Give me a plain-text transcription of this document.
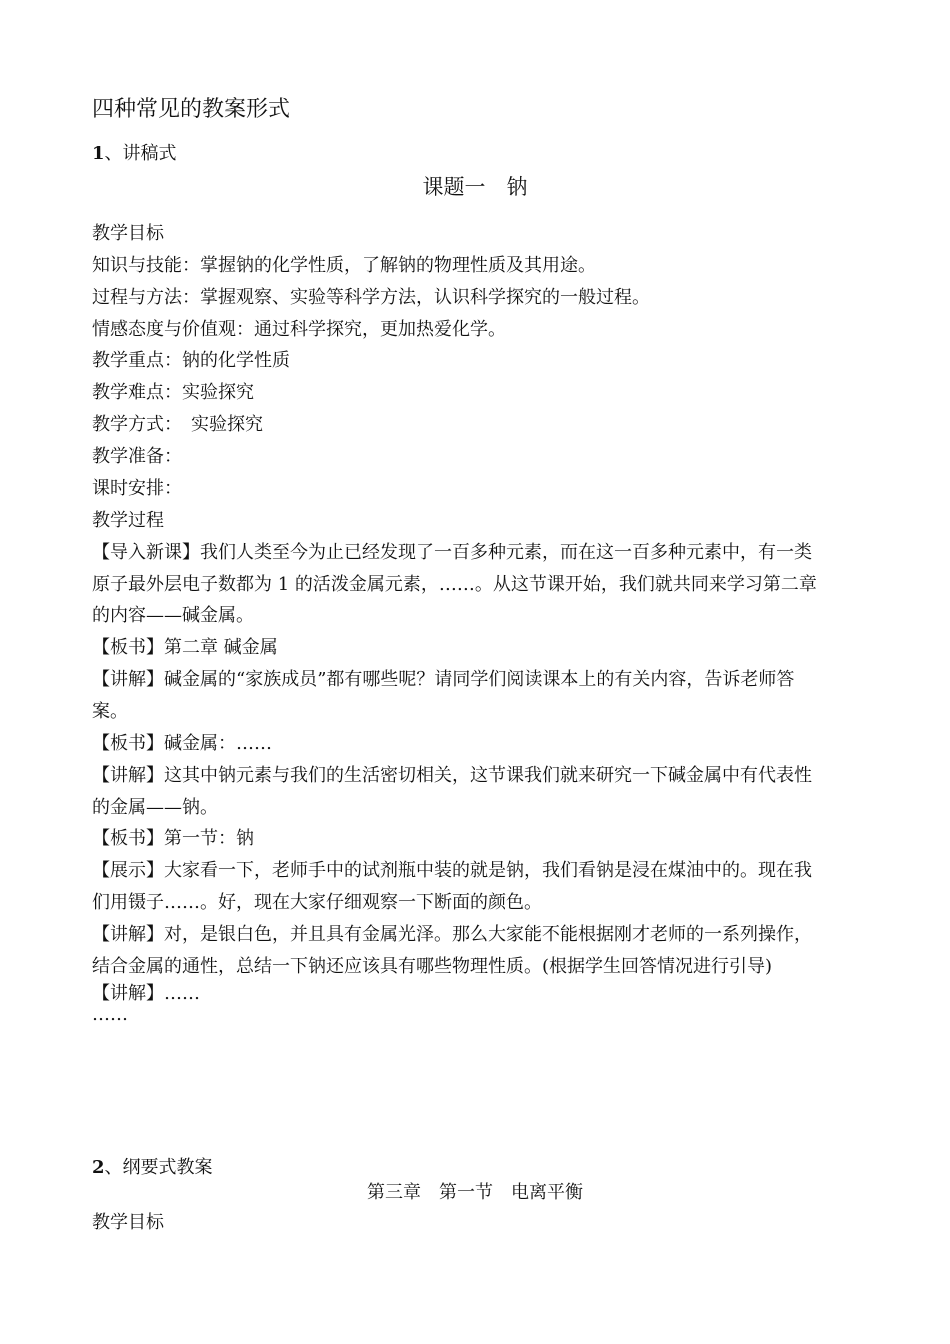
四种常见的教案形式
1、讲稿式
课题一　钠
教学目标
知识与技能：掌握钠的化学性质，了解钠的物理性质及其用途。
过程与方法：掌握观察、实验等科学方法，认识科学探究的一般过程。
情感态度与价值观：通过科学探究，更加热爱化学。
教学重点：钠的化学性质
教学难点：实验探究
教学方式：　实验探究
教学准备：
课时安排：
教学过程
【导入新课】我们人类至今为止已经发现了一百多种元素，而在这一百多种元素中，有一类
原子最外层电子数都为 1 的活泼金属元素，……。从这节课开始，我们就共同来学习第二章
的内容——碱金属。
【板书】第二章 碱金属
【讲解】碱金属的“家族成员”都有哪些呢？请同学们阅读课本上的有关内容，告诉老师答
案。
【板书】碱金属：……
【讲解】这其中钠元素与我们的生活密切相关，这节课我们就来研究一下碱金属中有代表性
的金属——钠。
【板书】第一节：钠
【展示】大家看一下，老师手中的试剂瓶中装的就是钠，我们看钠是浸在煤油中的。现在我
们用镊子……。好，现在大家仔细观察一下断面的颜色。
【讲解】对，是银白色，并且具有金属光泽。那么大家能不能根据刚才老师的一系列操作，
结合金属的通性，总结一下钠还应该具有哪些物理性质。(根据学生回答情况进行引导)
【讲解】……
……
2、纲要式教案
第三章　第一节　电离平衡
教学目标
